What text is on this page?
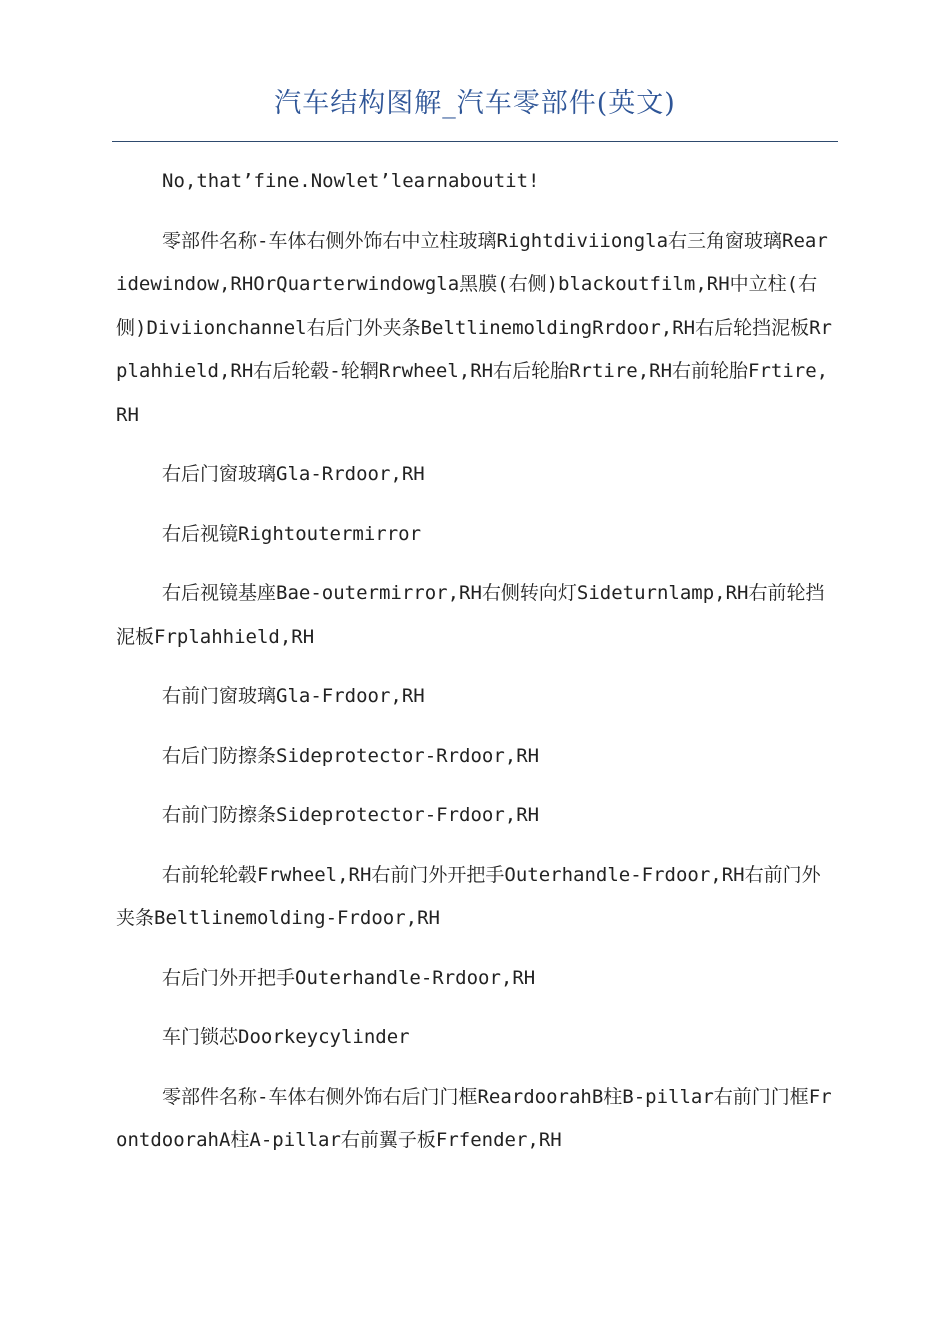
汽车结构图解_汽车零部件(英文)

No,that’fine.Nowlet’learnaboutit!

零部件名称-车体右侧外饰右中立柱玻璃Rightdiviiongla右三角窗玻璃Rearidewindow,RHOrQuarterwindowgla黑膜(右侧)blackoutfilm,RH中立柱(右侧)Diviionchannel右后门外夹条BeltlinemoldingRrdoor,RH右后轮挡泥板Rrplahhield,RH右后轮毂-轮辋Rrwheel,RH右后轮胎Rrtire,RH右前轮胎Frtire,RH

右后门窗玻璃Gla-Rrdoor,RH

右后视镜Rightoutermirror

右后视镜基座Bae-outermirror,RH右侧转向灯Sideturnlamp,RH右前轮挡泥板Frplahhield,RH

右前门窗玻璃Gla-Frdoor,RH

右后门防擦条Sideprotector-Rrdoor,RH

右前门防擦条Sideprotector-Frdoor,RH

右前轮轮毂Frwheel,RH右前门外开把手Outerhandle-Frdoor,RH右前门外夹条Beltlinemolding-Frdoor,RH

右后门外开把手Outerhandle-Rrdoor,RH

车门锁芯Doorkeycylinder

零部件名称-车体右侧外饰右后门门框ReardoorahB柱B-pillar右前门门框FrontdoorahA柱A-pillar右前翼子板Frfender,RH
